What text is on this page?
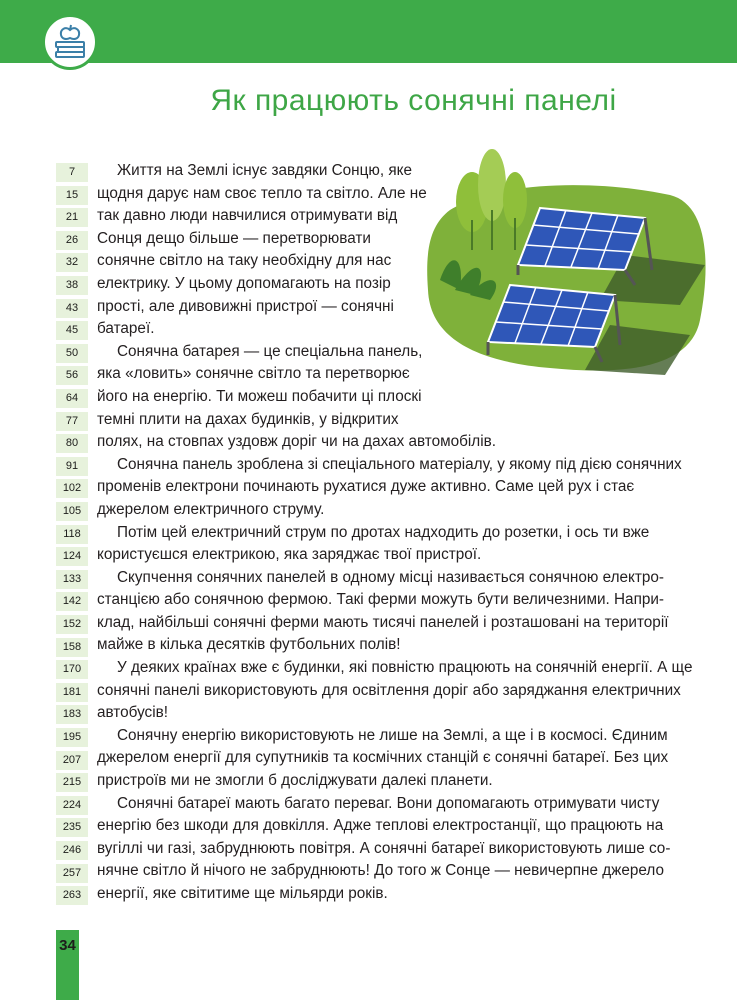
Як працюють сонячні панелі
7
15
21
26
32
38
43
45
50
56
64
77
80
91
102
105
118
124
133
142
152
158
170
181
183
195
207
215
224
235
246
257
263

Життя на Землі існує завдяки Сонцю, яке щодня дарує нам своє тепло та світло. Але не так давно люди навчилися отримувати від Сонця дещо більше — перетворювати сонячне світло на таку необхідну для нас електрику. У цьому допомагають на позір прості, але дивовижні пристрої — сонячні батареї.

Сонячна батарея — це спеціальна панель, яка «ловить» сонячне світло та перетворює його на енергію. Ти можеш побачити ці плоскі темні плити на дахах будинків, у відкритих полях, на стовпах уздовж доріг чи на дахах автомобілів.

Сонячна панель зроблена зі спеціального матеріалу, у якому під дією сонячних променів електрони починають рухатися дуже активно. Саме цей рух і стає джерелом електричного струму.

Потім цей електричний струм по дротах надходить до розетки, і ось ти вже користуєшся електрикою, яка заряджає твої пристрої.

Скупчення сонячних панелей в одному місці називається сонячною електростанцією або сонячною фермою. Такі ферми можуть бути величезними. Наприклад, найбільші сонячні ферми мають тисячі панелей і розташовані на території майже в кілька десятків футбольних полів!

У деяких країнах вже є будинки, які повністю працюють на сонячній енергії. А ще сонячні панелі використовують для освітлення доріг або заряджання електричних автобусів!

Сонячну енергію використовують не лише на Землі, а ще і в космосі. Єдиним джерелом енергії для супутників та космічних станцій є сонячні батареї. Без цих пристроїв ми не змогли б досліджувати далекі планети.

Сонячні батареї мають багато переваг. Вони допомагають отримувати чисту енергію без шкоди для довкілля. Адже теплові електростанції, що працюють на вугіллі чи газі, забруднюють повітря. А сонячні батареї використовують лише сонячне світло й нічого не забруднюють! До того ж Сонце — невичерпне джерело енергії, яке світитиме ще мільярди років.

34
